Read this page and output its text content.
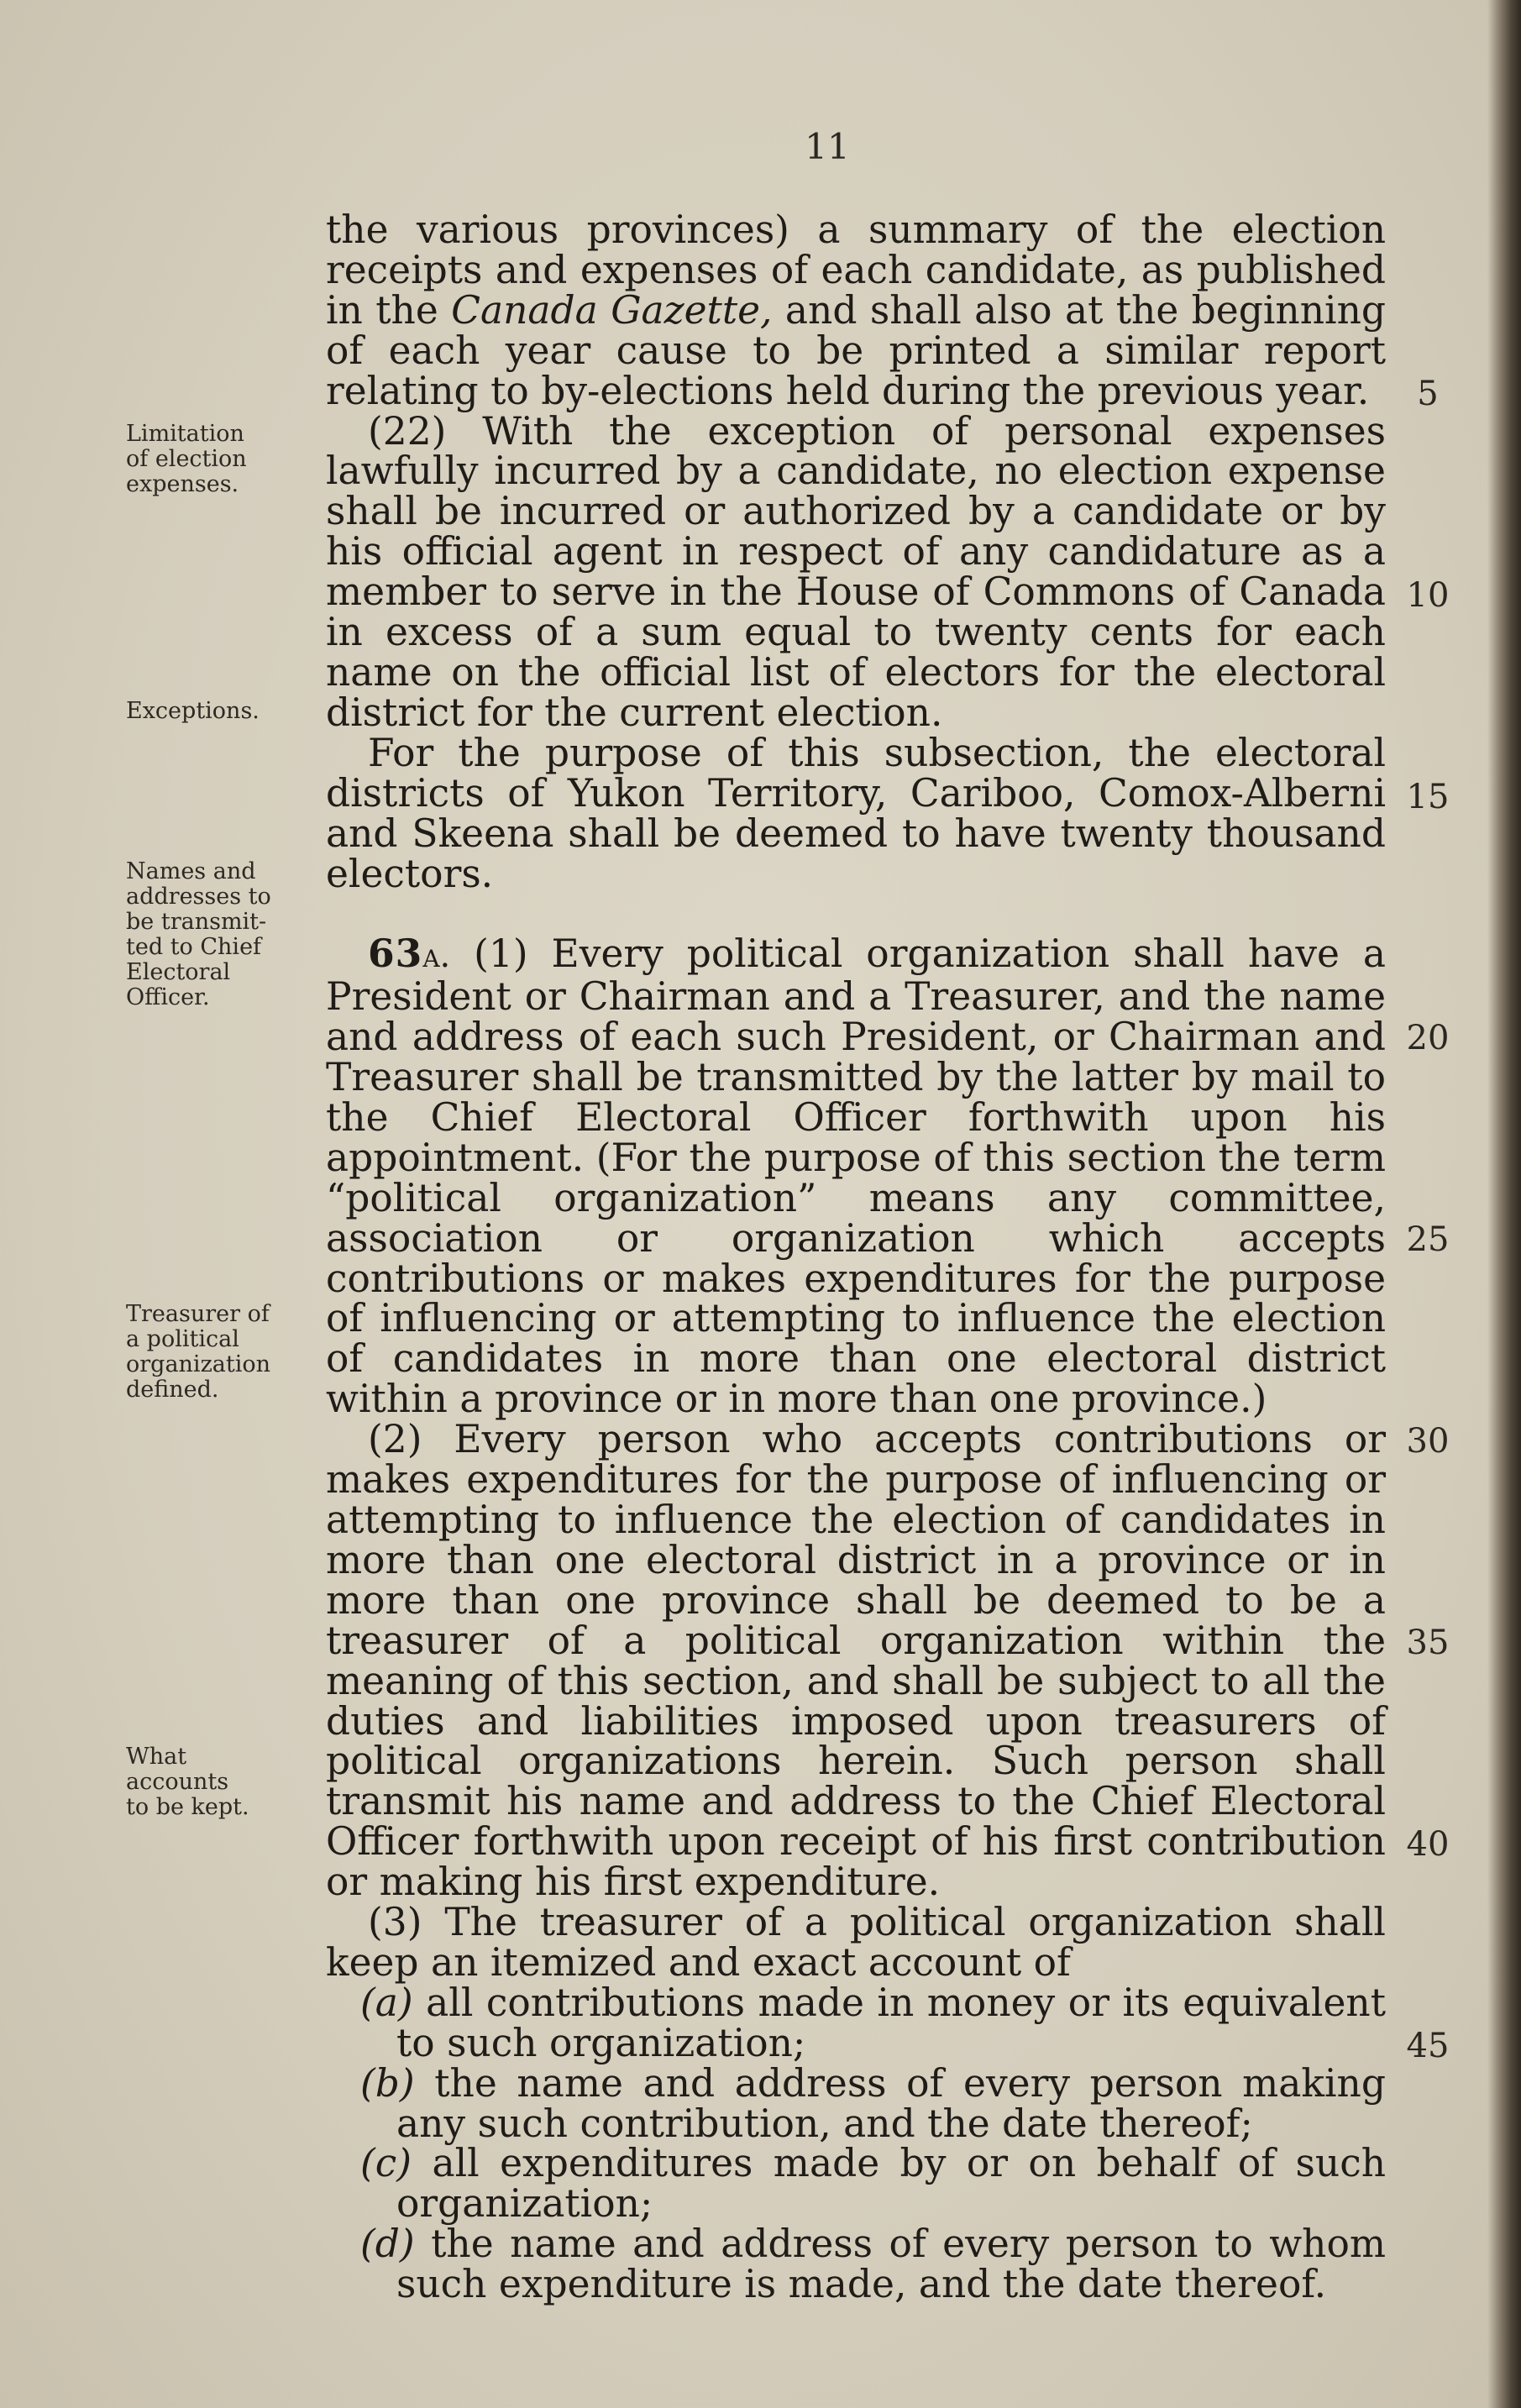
11
Limitation
of election
expenses.
Exceptions.
Names and
addresses to
be transmit-
ted to Chief
Electoral
Officer.
Treasurer of
a political
organization
defined.
What
accounts
to be kept.

the various provinces) a summary of the election receipts and expenses of each candidate, as published in the Canada Gazette, and shall also at the beginning of each year cause to be printed a similar report relating to by-elections held during the previous year.

(22) With the exception of personal expenses lawfully incurred by a candidate, no election expense shall be incurred or authorized by a candidate or by his official agent in respect of any candidature as a member to serve in the House of Commons of Canada in excess of a sum equal to twenty cents for each name on the official list of electors for the electoral district for the current election.

For the purpose of this subsection, the electoral districts of Yukon Territory, Cariboo, Comox-Alberni and Skeena shall be deemed to have twenty thousand electors.

63a. (1) Every political organization shall have a President or Chairman and a Treasurer, and the name and address of each such President, or Chairman and Treasurer shall be transmitted by the latter by mail to the Chief Electoral Officer forthwith upon his appointment. (For the purpose of this section the term “political organization” means any committee, association or organization which accepts contributions or makes expenditures for the purpose of influencing or attempting to influence the election of candidates in more than one electoral district within a province or in more than one province.)

(2) Every person who accepts contributions or makes expenditures for the purpose of influencing or attempting to influence the election of candidates in more than one electoral district in a province or in more than one province shall be deemed to be a treasurer of a political organization within the meaning of this section, and shall be subject to all the duties and liabilities imposed upon treasurers of political organizations herein. Such person shall transmit his name and address to the Chief Electoral Officer forthwith upon receipt of his first contribution or making his first expenditure.

(3) The treasurer of a political organization shall keep an itemized and exact account of

(a) all contributions made in money or its equivalent to such organization;

(b) the name and address of every person making any such contribution, and the date thereof;

(c) all expenditures made by or on behalf of such organization;

(d) the name and address of every person to whom such expenditure is made, and the date thereof.

5
10
15
20
25
30
35
40
45
